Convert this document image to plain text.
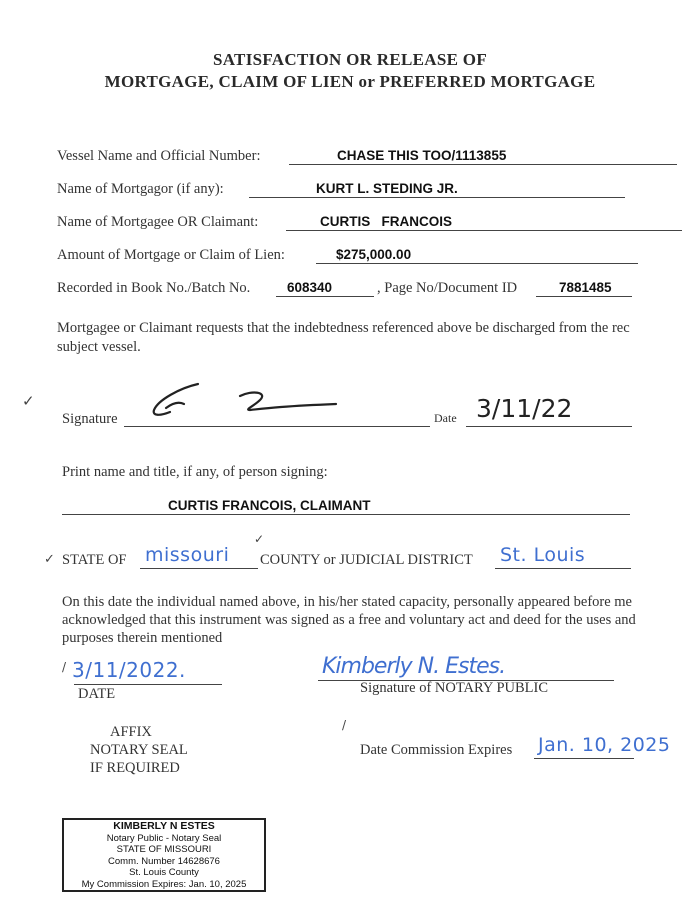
SATISFACTION OR RELEASE OF
MORTGAGE, CLAIM OF LIEN or PREFERRED MORTGAGE
Vessel Name and Official Number:	CHASE THIS TOO/1113855
Name of Mortgagor (if any):	KURT L. STEDING JR.
Name of Mortgagee OR Claimant:	CURTIS   FRANCOIS
Amount of Mortgage or Claim of Lien:	$275,000.00
Recorded in Book No./Batch No.	608340	, Page No/Document ID	7881485
Mortgagee or Claimant requests that the indebtedness referenced above be discharged from the rec
subject vessel.
✓
Signature	Date 3/11/22
Print name and title, if any, of person signing:
CURTIS FRANCOIS, CLAIMANT
✓ STATE OF missouri
✓
COUNTY or JUDICIAL DISTRICT St. Louis
On this date the individual named above, in his/her stated capacity, personally appeared before me
acknowledged that this instrument was signed as a free and voluntary act and deed for the uses and
purposes therein mentioned
/ 3/11/2022.
DATE
Kimberly N. Estes.
Signature of NOTARY PUBLIC
AFFIX
NOTARY SEAL
IF REQUIRED
/
Date Commission Expires Jan. 10, 2025
KIMBERLY N ESTES
Notary Public - Notary Seal
STATE OF MISSOURI
Comm. Number 14628676
St. Louis County
My Commission Expires: Jan. 10, 2025
